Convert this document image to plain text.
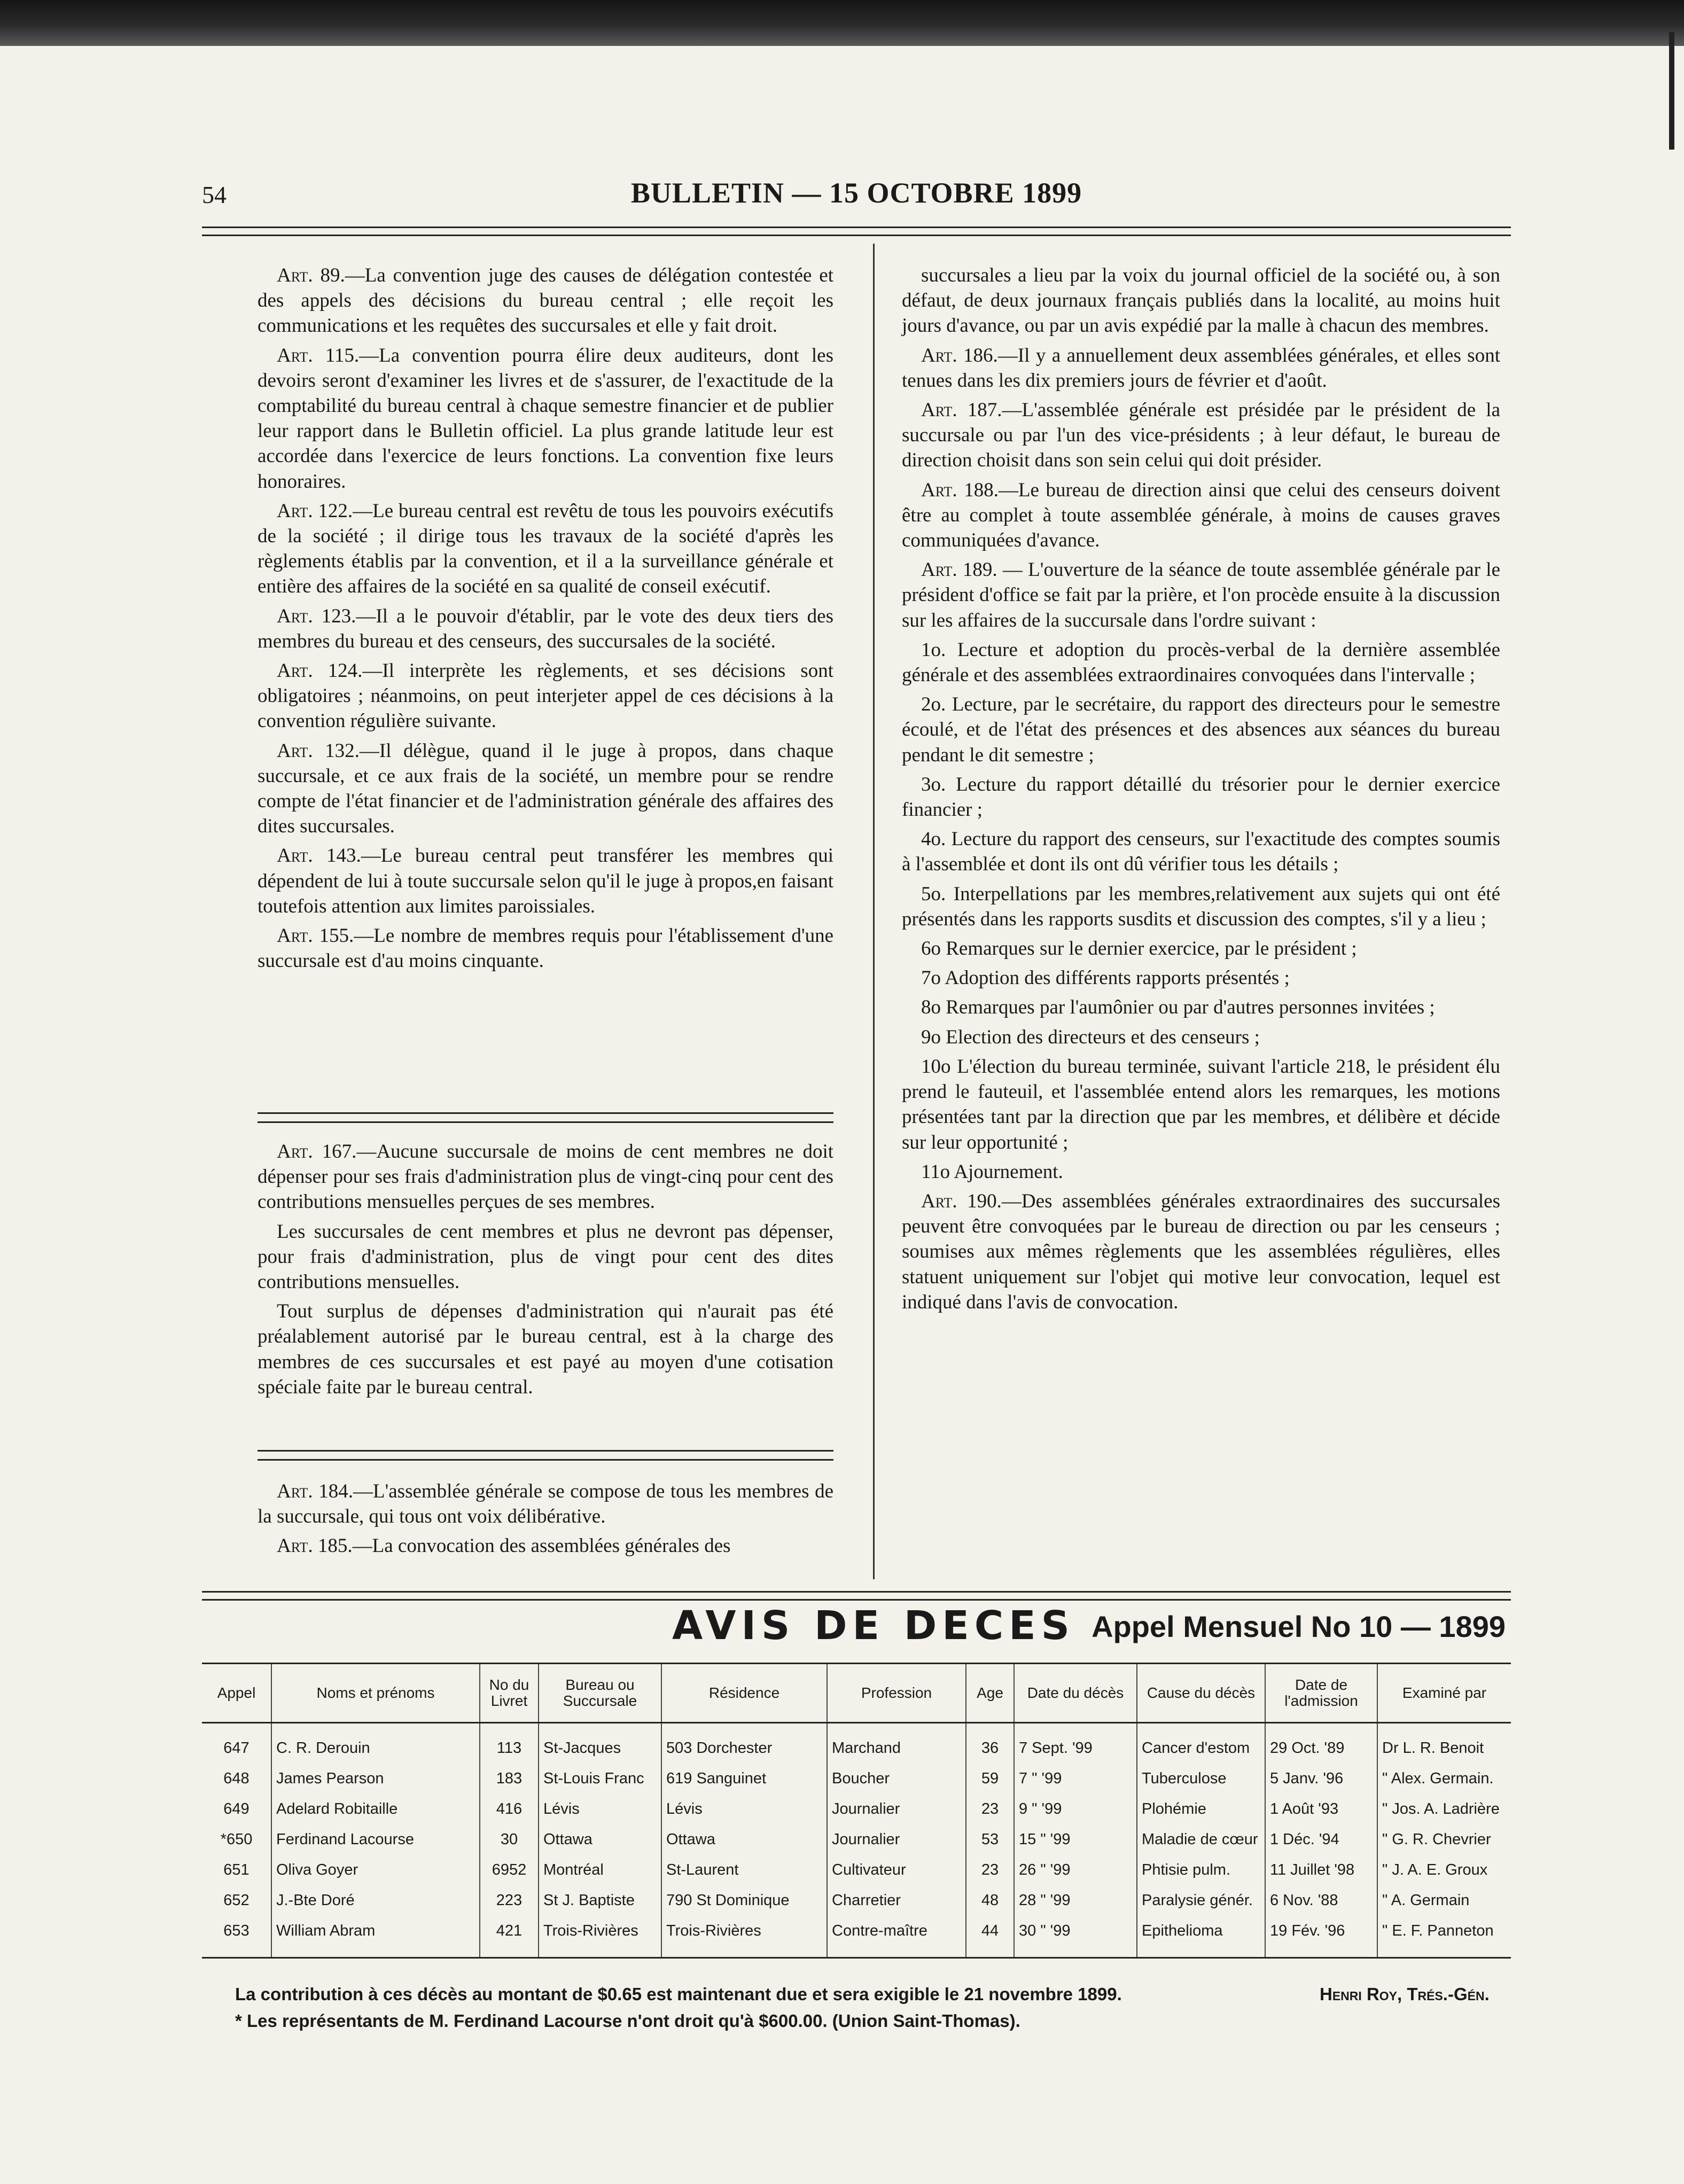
54	BULLETIN — 15 OCTOBRE 1899

Art. 89.—La convention juge des causes de délégation contestée et des appels des décisions du bureau central ; elle reçoit les communications et les requêtes des succursales et elle y fait droit.

Art. 115.—La convention pourra élire deux auditeurs, dont les devoirs seront d'examiner les livres et de s'assurer, de l'exactitude de la comptabilité du bureau central à chaque semestre financier et de publier leur rapport dans le Bulletin officiel. La plus grande latitude leur est accordée dans l'exercice de leurs fonctions. La convention fixe leurs honoraires.

Art. 122.—Le bureau central est revêtu de tous les pouvoirs exécutifs de la société ; il dirige tous les travaux de la société d'après les règlements établis par la convention, et il a la surveillance générale et entière des affaires de la société en sa qualité de conseil exécutif.

Art. 123.—Il a le pouvoir d'établir, par le vote des deux tiers des membres du bureau et des censeurs, des succursales de la société.

Art. 124.—Il interprète les règlements, et ses décisions sont obligatoires ; néanmoins, on peut interjeter appel de ces décisions à la convention régulière suivante.

Art. 132.—Il délègue, quand il le juge à propos, dans chaque succursale, et ce aux frais de la société, un membre pour se rendre compte de l'état financier et de l'administration générale des affaires des dites succursales.

Art. 143.—Le bureau central peut transférer les membres qui dépendent de lui à toute succursale selon qu'il le juge à propos,en faisant toutefois attention aux limites paroissiales.

Art. 155.—Le nombre de membres requis pour l'établissement d'une succursale est d'au moins cinquante.

Art. 167.—Aucune succursale de moins de cent membres ne doit dépenser pour ses frais d'administration plus de vingt-cinq pour cent des contributions mensuelles perçues de ses membres.

Les succursales de cent membres et plus ne devront pas dépenser, pour frais d'administration, plus de vingt pour cent des dites contributions mensuelles.

Tout surplus de dépenses d'administration qui n'aurait pas été préalablement autorisé par le bureau central, est à la charge des membres de ces succursales et est payé au moyen d'une cotisation spéciale faite par le bureau central.

Art. 184.—L'assemblée générale se compose de tous les membres de la succursale, qui tous ont voix délibérative.

Art. 185.—La convocation des assemblées générales des

succursales a lieu par la voix du journal officiel de la société ou, à son défaut, de deux journaux français publiés dans la localité, au moins huit jours d'avance, ou par un avis expédié par la malle à chacun des membres.

Art. 186.—Il y a annuellement deux assemblées générales, et elles sont tenues dans les dix premiers jours de février et d'août.

Art. 187.—L'assemblée générale est présidée par le président de la succursale ou par l'un des vice-présidents ; à leur défaut, le bureau de direction choisit dans son sein celui qui doit présider.

Art. 188.—Le bureau de direction ainsi que celui des censeurs doivent être au complet à toute assemblée générale, à moins de causes graves communiquées d'avance.

Art. 189. — L'ouverture de la séance de toute assemblée générale par le président d'office se fait par la prière, et l'on procède ensuite à la discussion sur les affaires de la succursale dans l'ordre suivant :

1o. Lecture et adoption du procès-verbal de la dernière assemblée générale et des assemblées extraordinaires convoquées dans l'intervalle ;

2o. Lecture, par le secrétaire, du rapport des directeurs pour le semestre écoulé, et de l'état des présences et des absences aux séances du bureau pendant le dit semestre ;

3o. Lecture du rapport détaillé du trésorier pour le dernier exercice financier ;

4o. Lecture du rapport des censeurs, sur l'exactitude des comptes soumis à l'assemblée et dont ils ont dû vérifier tous les détails ;

5o. Interpellations par les membres,relativement aux sujets qui ont été présentés dans les rapports susdits et discussion des comptes, s'il y a lieu ;

6o Remarques sur le dernier exercice, par le président ;

7o Adoption des différents rapports présentés ;

8o Remarques par l'aumônier ou par d'autres personnes invitées ;

9o Election des directeurs et des censeurs ;

10o L'élection du bureau terminée, suivant l'article 218, le président élu prend le fauteuil, et l'assemblée entend alors les remarques, les motions présentées tant par la direction que par les membres, et délibère et décide sur leur opportunité ;

11o Ajournement.

Art. 190.—Des assemblées générales extraordinaires des succursales peuvent être convoquées par le bureau de direction ou par les censeurs ; soumises aux mêmes règlements que les assemblées régulières, elles statuent uniquement sur l'objet qui motive leur convocation, lequel est indiqué dans l'avis de convocation.

AVIS DE DECES Appel Mensuel No 10 — 1899
Appel	Noms et prénoms	No du Livret	Bureau ou Succursale	Résidence	Profession	Age	Date du décès	Cause du décès	Date de l'admission	Examiné par
647	C. R. Derouin	113	St-Jacques	503 Dorchester	Marchand	36	7 Sept. '99	Cancer d'estom	29 Oct. '89	Dr L. R. Benoit
648	James Pearson	183	St-Louis Franc	619 Sanguinet	Boucher	59	7 " '99	Tuberculose	5 Janv. '96	" Alex. Germain.
649	Adelard Robitaille	416	Lévis	Lévis	Journalier	23	9 " '99	Plohémie	1 Août '93	" Jos. A. Ladrière
*650	Ferdinand Lacourse	30	Ottawa	Ottawa	Journalier	53	15 " '99	Maladie de cœur	1 Déc. '94	" G. R. Chevrier
651	Oliva Goyer	6952	Montréal	St-Laurent	Cultivateur	23	26 " '99	Phtisie pulm.	11 Juillet '98	" J. A. E. Groux
652	J.-Bte Doré	223	St J. Baptiste	790 St Dominique	Charretier	48	28 " '99	Paralysie génér.	6 Nov. '88	" A. Germain
653	William Abram	421	Trois-Rivières	Trois-Rivières	Contre-maître	44	30 " '99	Epithelioma	19 Fév. '96	" E. F. Panneton
La contribution à ces décès au montant de $0.65 est maintenant due et sera exigible le 21 novembre 1899.	Henri Roy, Trés.-Gén.
* Les représentants de M. Ferdinand Lacourse n'ont droit qu'à $600.00. (Union Saint-Thomas).
